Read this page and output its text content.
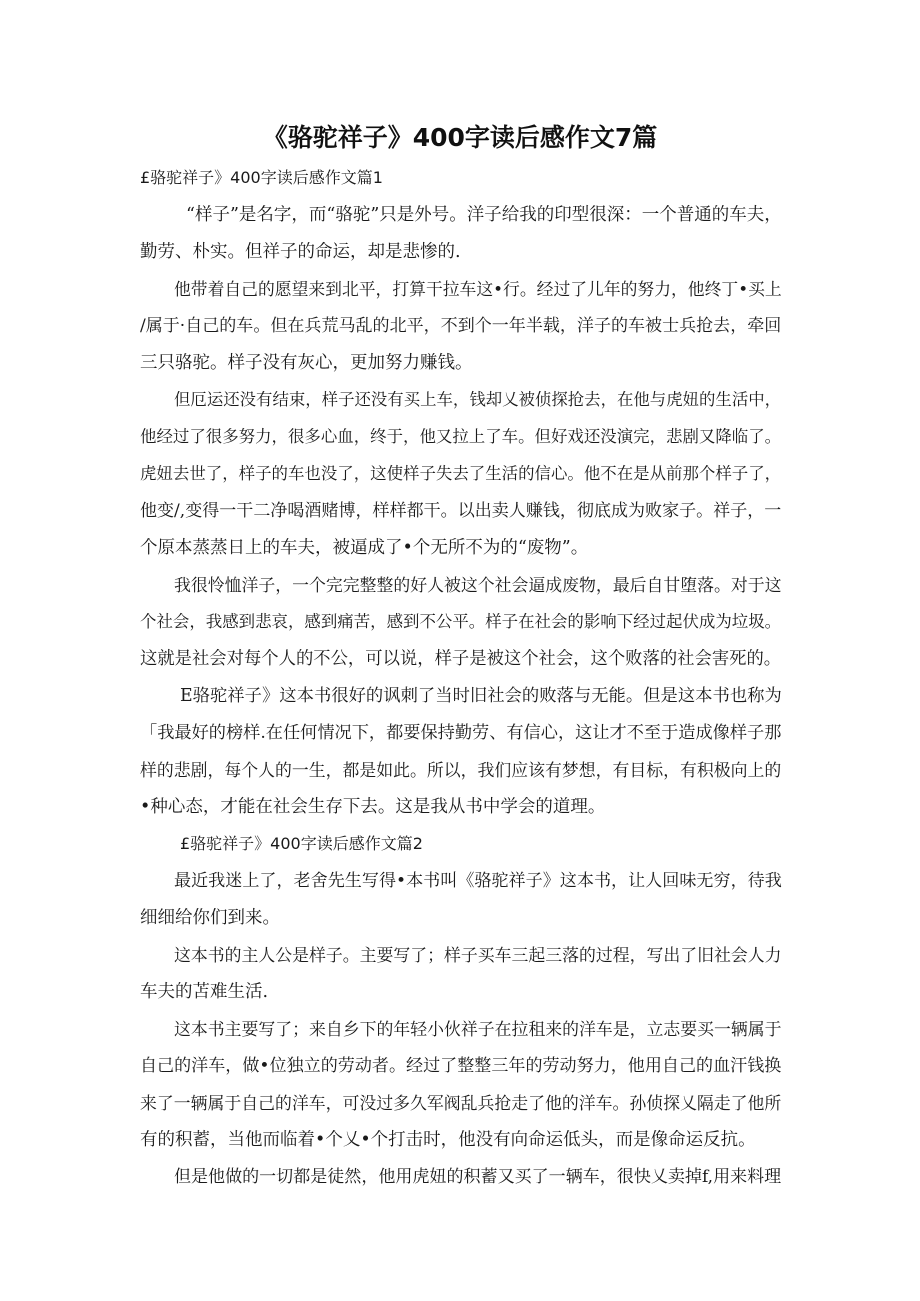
《骆驼祥子》400字读后感作文7篇
£骆驼祥子》400字读后感作文篇1
“样子”是名字，而“骆驼”只是外号。洋子给我的印型很深：一个普通的车夫，
勤劳、朴实。但祥子的命运，却是悲惨的.
他带着自己的愿望来到北平，打算干拉车这•行。经过了儿年的努力，他终丁•买上
/属于·自己的车。但在兵荒马乱的北平，不到个一年半载，洋子的车被士兵抢去，牵回
三只骆驼。样子没有灰心，更加努力赚钱。
但厄运还没有结束，样子还没有买上车，钱却乂被侦探抢去，在他与虎妞的生活中，
他经过了很多努力，很多心血，终于，他又拉上了车。但好戏还没演完，悲剧又降临了。
虎妞去世了，样子的车也没了，这使样子失去了生活的信心。他不在是从前那个样子了，
他变/,变得一干二净喝酒赌博，样样都干。以出卖人赚钱，彻底成为败家子。祥子，一
个原本蒸蒸日上的车夫，被逼成了•个无所不为的“废物”。
我很怜恤洋子，一个完完整整的好人被这个社会逼成废物，最后自甘堕落。对于这
个社会，我感到悲哀，感到痛苦，感到不公平。样子在社会的影响下经过起伏成为垃圾。
这就是社会对每个人的不公，可以说，样子是被这个社会，这个败落的社会害死的。
E骆驼祥子》这本书很好的讽刺了当时旧社会的败落与无能。但是这本书也称为
「我最好的榜样.在任何情况下，都要保持勤劳、有信心，这让才不至于造成像样子那
样的悲剧，每个人的一生，都是如此。所以，我们应该有梦想，有目标，有积极向上的
•种心态，才能在社会生存下去。这是我从书中学会的道理。
£骆驼祥子》400字读后感作文篇2
最近我迷上了，老舍先生写得•本书叫《骆驼祥子》这本书，让人回味无穷，待我
细细给你们到来。
这本书的主人公是样子。主要写了；样子买车三起三落的过程，写出了旧社会人力
车夫的苫难生活.
这本书主要写了；来自乡下的年轻小伙祥子在拉租来的洋车是，立志要买一辆属于
自己的洋车，做•位独立的劳动者。经过了整整三年的劳动努力，他用自己的血汗钱换
来了一辆属于自己的洋车，可没过多久军阀乱兵抢走了他的洋车。孙侦探乂隔走了他所
有的积蓄，当他而临着•个乂•个打击时，他没有向命运低头，而是像命运反抗。
但是他做的一切都是徒然，他用虎妞的积蓄又买了一辆车，很快乂卖掉f,用来料理
